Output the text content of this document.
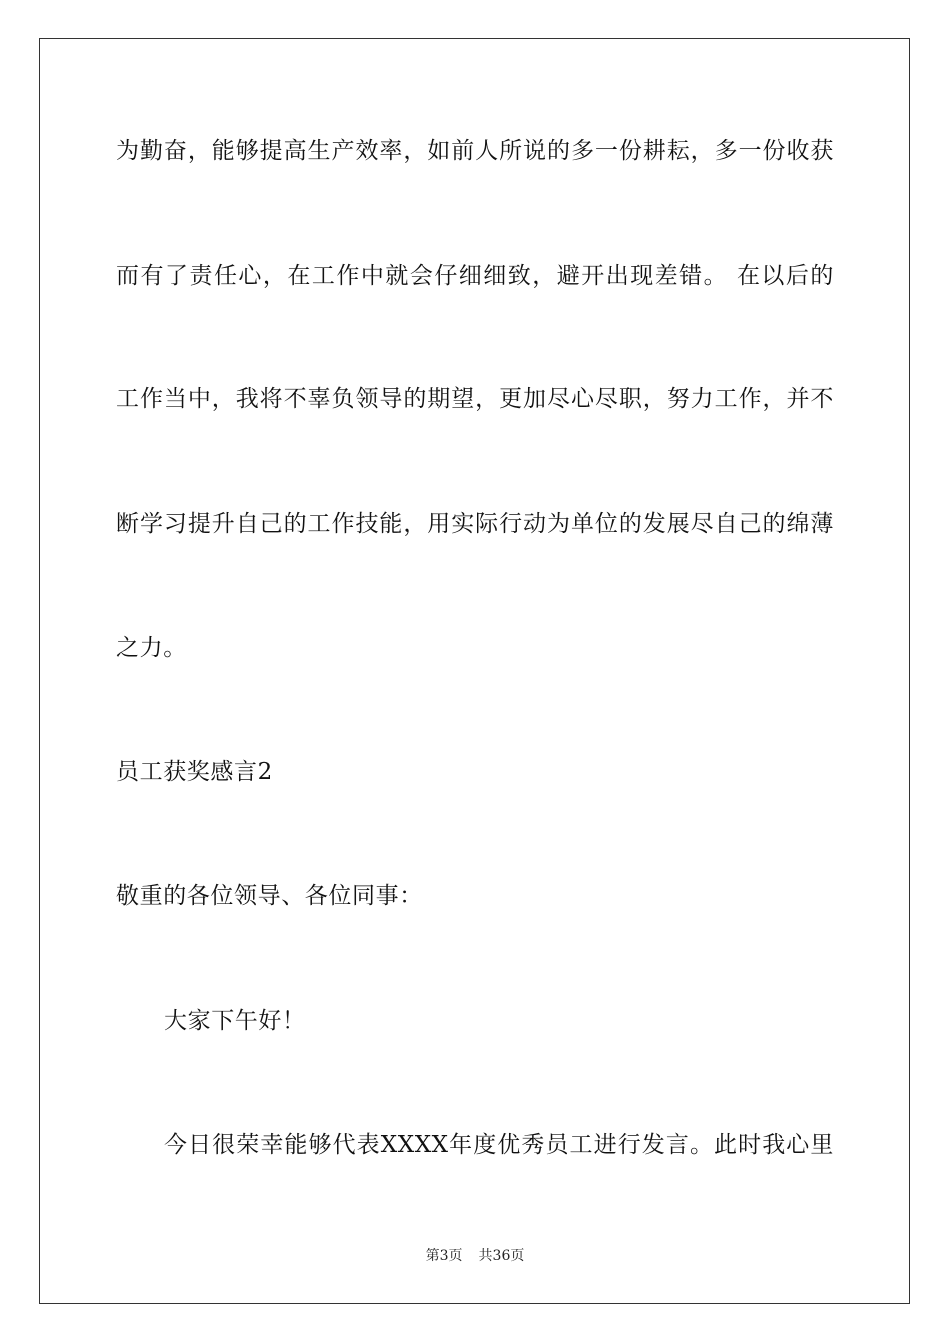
为勤奋，能够提高生产效率，如前人所说的多一份耕耘，多一份收获
而有了责任心，在工作中就会仔细细致，避开出现差错。 在以后的
工作当中，我将不辜负领导的期望，更加尽心尽职，努力工作，并不
断学习提升自己的工作技能，用实际行动为单位的发展尽自己的绵薄
之力。
员工获奖感言2
敬重的各位领导、各位同事：
大家下午好！
今日很荣幸能够代表XXXX年度优秀员工进行发言。此时我心里
第3页 共36页
